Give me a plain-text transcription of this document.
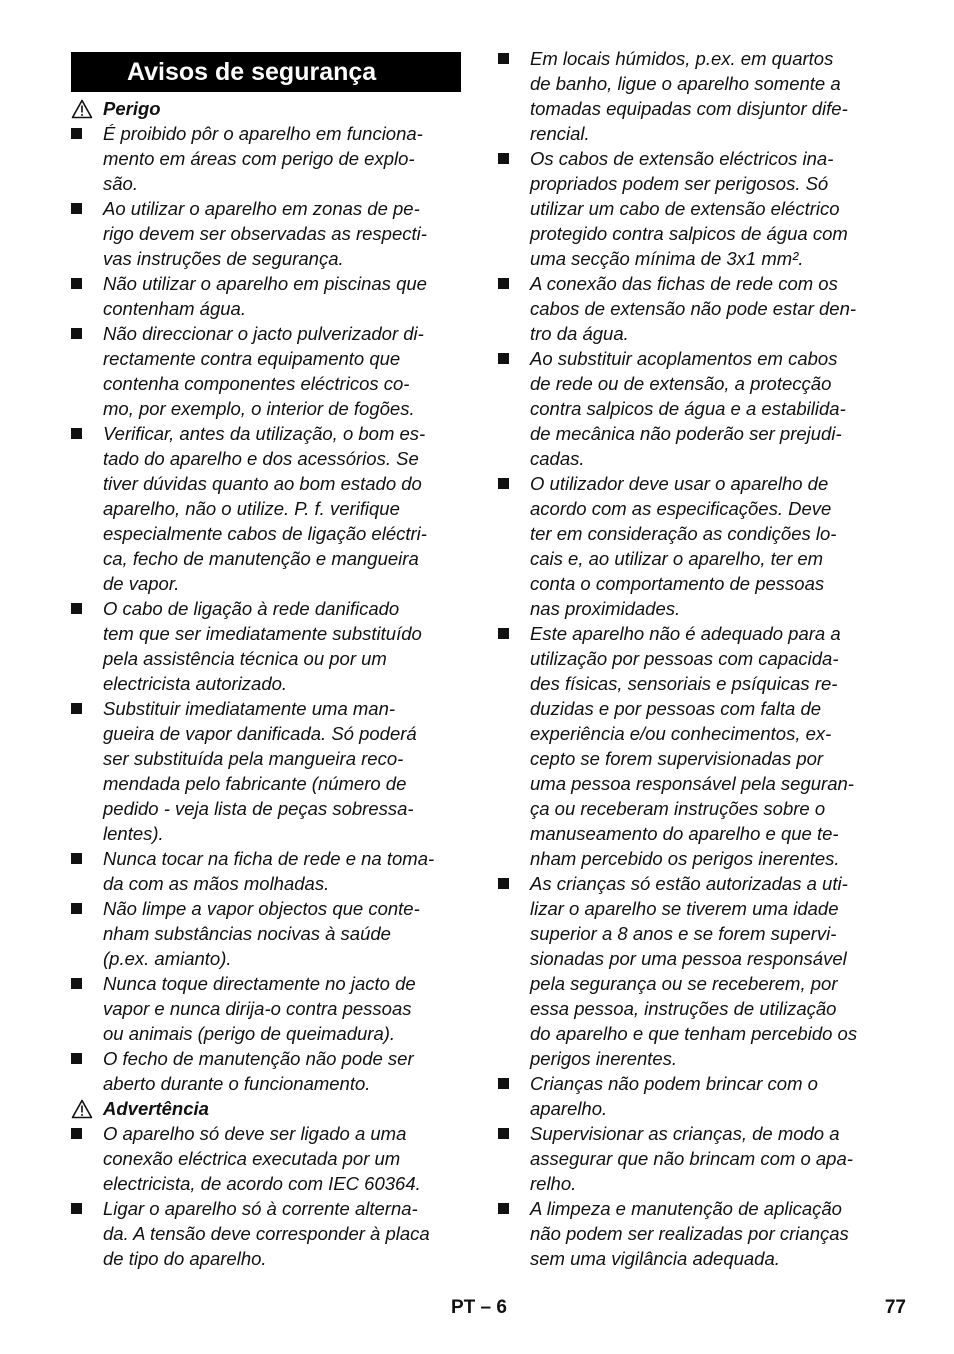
Avisos de segurança
Perigo
É proibido pôr o aparelho em funciona-
mento em áreas com perigo de explo-
são.
Ao utilizar o aparelho em zonas de pe-
rigo devem ser observadas as respecti-
vas instruções de segurança.
Não utilizar o aparelho em piscinas que
contenham água.
Não direccionar o jacto pulverizador di-
rectamente contra equipamento que
contenha componentes eléctricos co-
mo, por exemplo, o interior de fogões.
Verificar, antes da utilização, o bom es-
tado do aparelho e dos acessórios. Se
tiver dúvidas quanto ao bom estado do
aparelho, não o utilize. P. f. verifique
especialmente cabos de ligação eléctri-
ca, fecho de manutenção e mangueira
de vapor.
O cabo de ligação à rede danificado
tem que ser imediatamente substituído
pela assistência técnica ou por um
electricista autorizado.
Substituir imediatamente uma man-
gueira de vapor danificada. Só poderá
ser substituída pela mangueira reco-
mendada pelo fabricante (número de
pedido - veja lista de peças sobressa-
lentes).
Nunca tocar na ficha de rede e na toma-
da com as mãos molhadas.
Não limpe a vapor objectos que conte-
nham substâncias nocivas à saúde
(p.ex. amianto).
Nunca toque directamente no jacto de
vapor e nunca dirija-o contra pessoas
ou animais (perigo de queimadura).
O fecho de manutenção não pode ser
aberto durante o funcionamento.
Advertência
O aparelho só deve ser ligado a uma
conexão eléctrica executada por um
electricista, de acordo com IEC 60364.
Ligar o aparelho só à corrente alterna-
da. A tensão deve corresponder à placa
de tipo do aparelho.
Em locais húmidos, p.ex. em quartos
de banho, ligue o aparelho somente a
tomadas equipadas com disjuntor dife-
rencial.
Os cabos de extensão eléctricos ina-
propriados podem ser perigosos. Só
utilizar um cabo de extensão eléctrico
protegido contra salpicos de água com
uma secção mínima de 3x1 mm².
A conexão das fichas de rede com os
cabos de extensão não pode estar den-
tro da água.
Ao substituir acoplamentos em cabos
de rede ou de extensão, a protecção
contra salpicos de água e a estabilida-
de mecânica não poderão ser prejudi-
cadas.
O utilizador deve usar o aparelho de
acordo com as especificações. Deve
ter em consideração as condições lo-
cais e, ao utilizar o aparelho, ter em
conta o comportamento de pessoas
nas proximidades.
Este aparelho não é adequado para a
utilização por pessoas com capacida-
des físicas, sensoriais e psíquicas re-
duzidas e por pessoas com falta de
experiência e/ou conhecimentos, ex-
cepto se forem supervisionadas por
uma pessoa responsável pela seguran-
ça ou receberam instruções sobre o
manuseamento do aparelho e que te-
nham percebido os perigos inerentes.
As crianças só estão autorizadas a uti-
lizar o aparelho se tiverem uma idade
superior a 8 anos e se forem supervi-
sionadas por uma pessoa responsável
pela segurança ou se receberem, por
essa pessoa, instruções de utilização
do aparelho e que tenham percebido os
perigos inerentes.
Crianças não podem brincar com o
aparelho.
Supervisionar as crianças, de modo a
assegurar que não brincam com o apa-
relho.
A limpeza e manutenção de aplicação
não podem ser realizadas por crianças
sem uma vigilância adequada.
PT – 6	77
